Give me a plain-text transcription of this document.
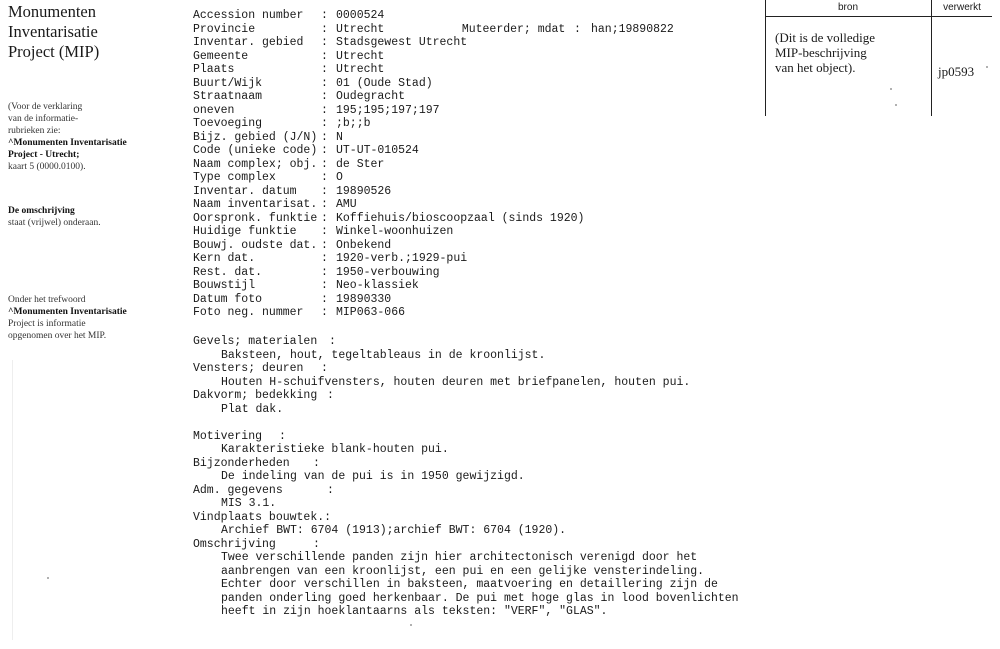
Monumenten
Inventarisatie
Project (MIP)
(Voor de verklaring
van de informatie-
rubrieken zie:
^Monumenten Inventarisatie
Project - Utrecht;
kaart 5 (0000.0100).
De omschrijving
staat (vrijwel) onderaan.
Onder het trefwoord
^Monumenten Inventarisatie
Project is informatie
opgenomen over het MIP.
Accession number : 0000524
Provincie	: Utrecht
Inventar. gebied : Stadsgewest Utrecht
Gemeente	: Utrecht
Plaats	: Utrecht
Buurt/Wijk	: 01 (Oude Stad)
Straatnaam	: Oudegracht
oneven	: 195;195;197;197
Toevoeging	: ;b;;b
Bijz. gebied (J/N) : N
Code (unieke code) : UT-UT-010524
Naam complex; obj. : de Ster
Type complex	: O
Inventar. datum : 19890526
Naam inventarisat. : AMU
Oorspronk. funktie : Koffiehuis/bioscoopzaal (sinds 1920)
Huidige funktie : Winkel-woonhuizen
Bouwj. oudste dat. : Onbekend
Kern dat.	: 1920-verb.;1929-pui
Rest. dat.	: 1950-verbouwing
Bouwstijl	: Neo-klassiek
Datum foto	: 19890330
Foto neg. nummer : MIP063-066

Muteerder; mdat : han;19890822

Gevels; materialen :
Baksteen, hout, tegeltableaus in de kroonlijst.
Vensters; deuren :
Houten H-schuifvensters, houten deuren met briefpanelen, houten pui.
Dakvorm; bedekking :
Plat dak.
Motivering :
Karakteristieke blank-houten pui.
Bijzonderheden :
De indeling van de pui is in 1950 gewijzigd.
Adm. gegevens	:
MIS 3.1.
Vindplaats bouwtek.:
Archief BWT: 6704 (1913);archief BWT: 6704 (1920).
Omschrijving	:
Twee verschillende panden zijn hier architectonisch verenigd door het
aanbrengen van een kroonlijst, een pui en een gelijke vensterindeling.
Echter door verschillen in baksteen, maatvoering en detaillering zijn de
panden onderling goed herkenbaar. De pui met hoge glas in lood bovenlichten
heeft in zijn hoeklantaarns als teksten: "VERF", "GLAS".
bron	verwerkt
(Dit is de volledige
MIP-beschrijving
van het object).	jp0593
